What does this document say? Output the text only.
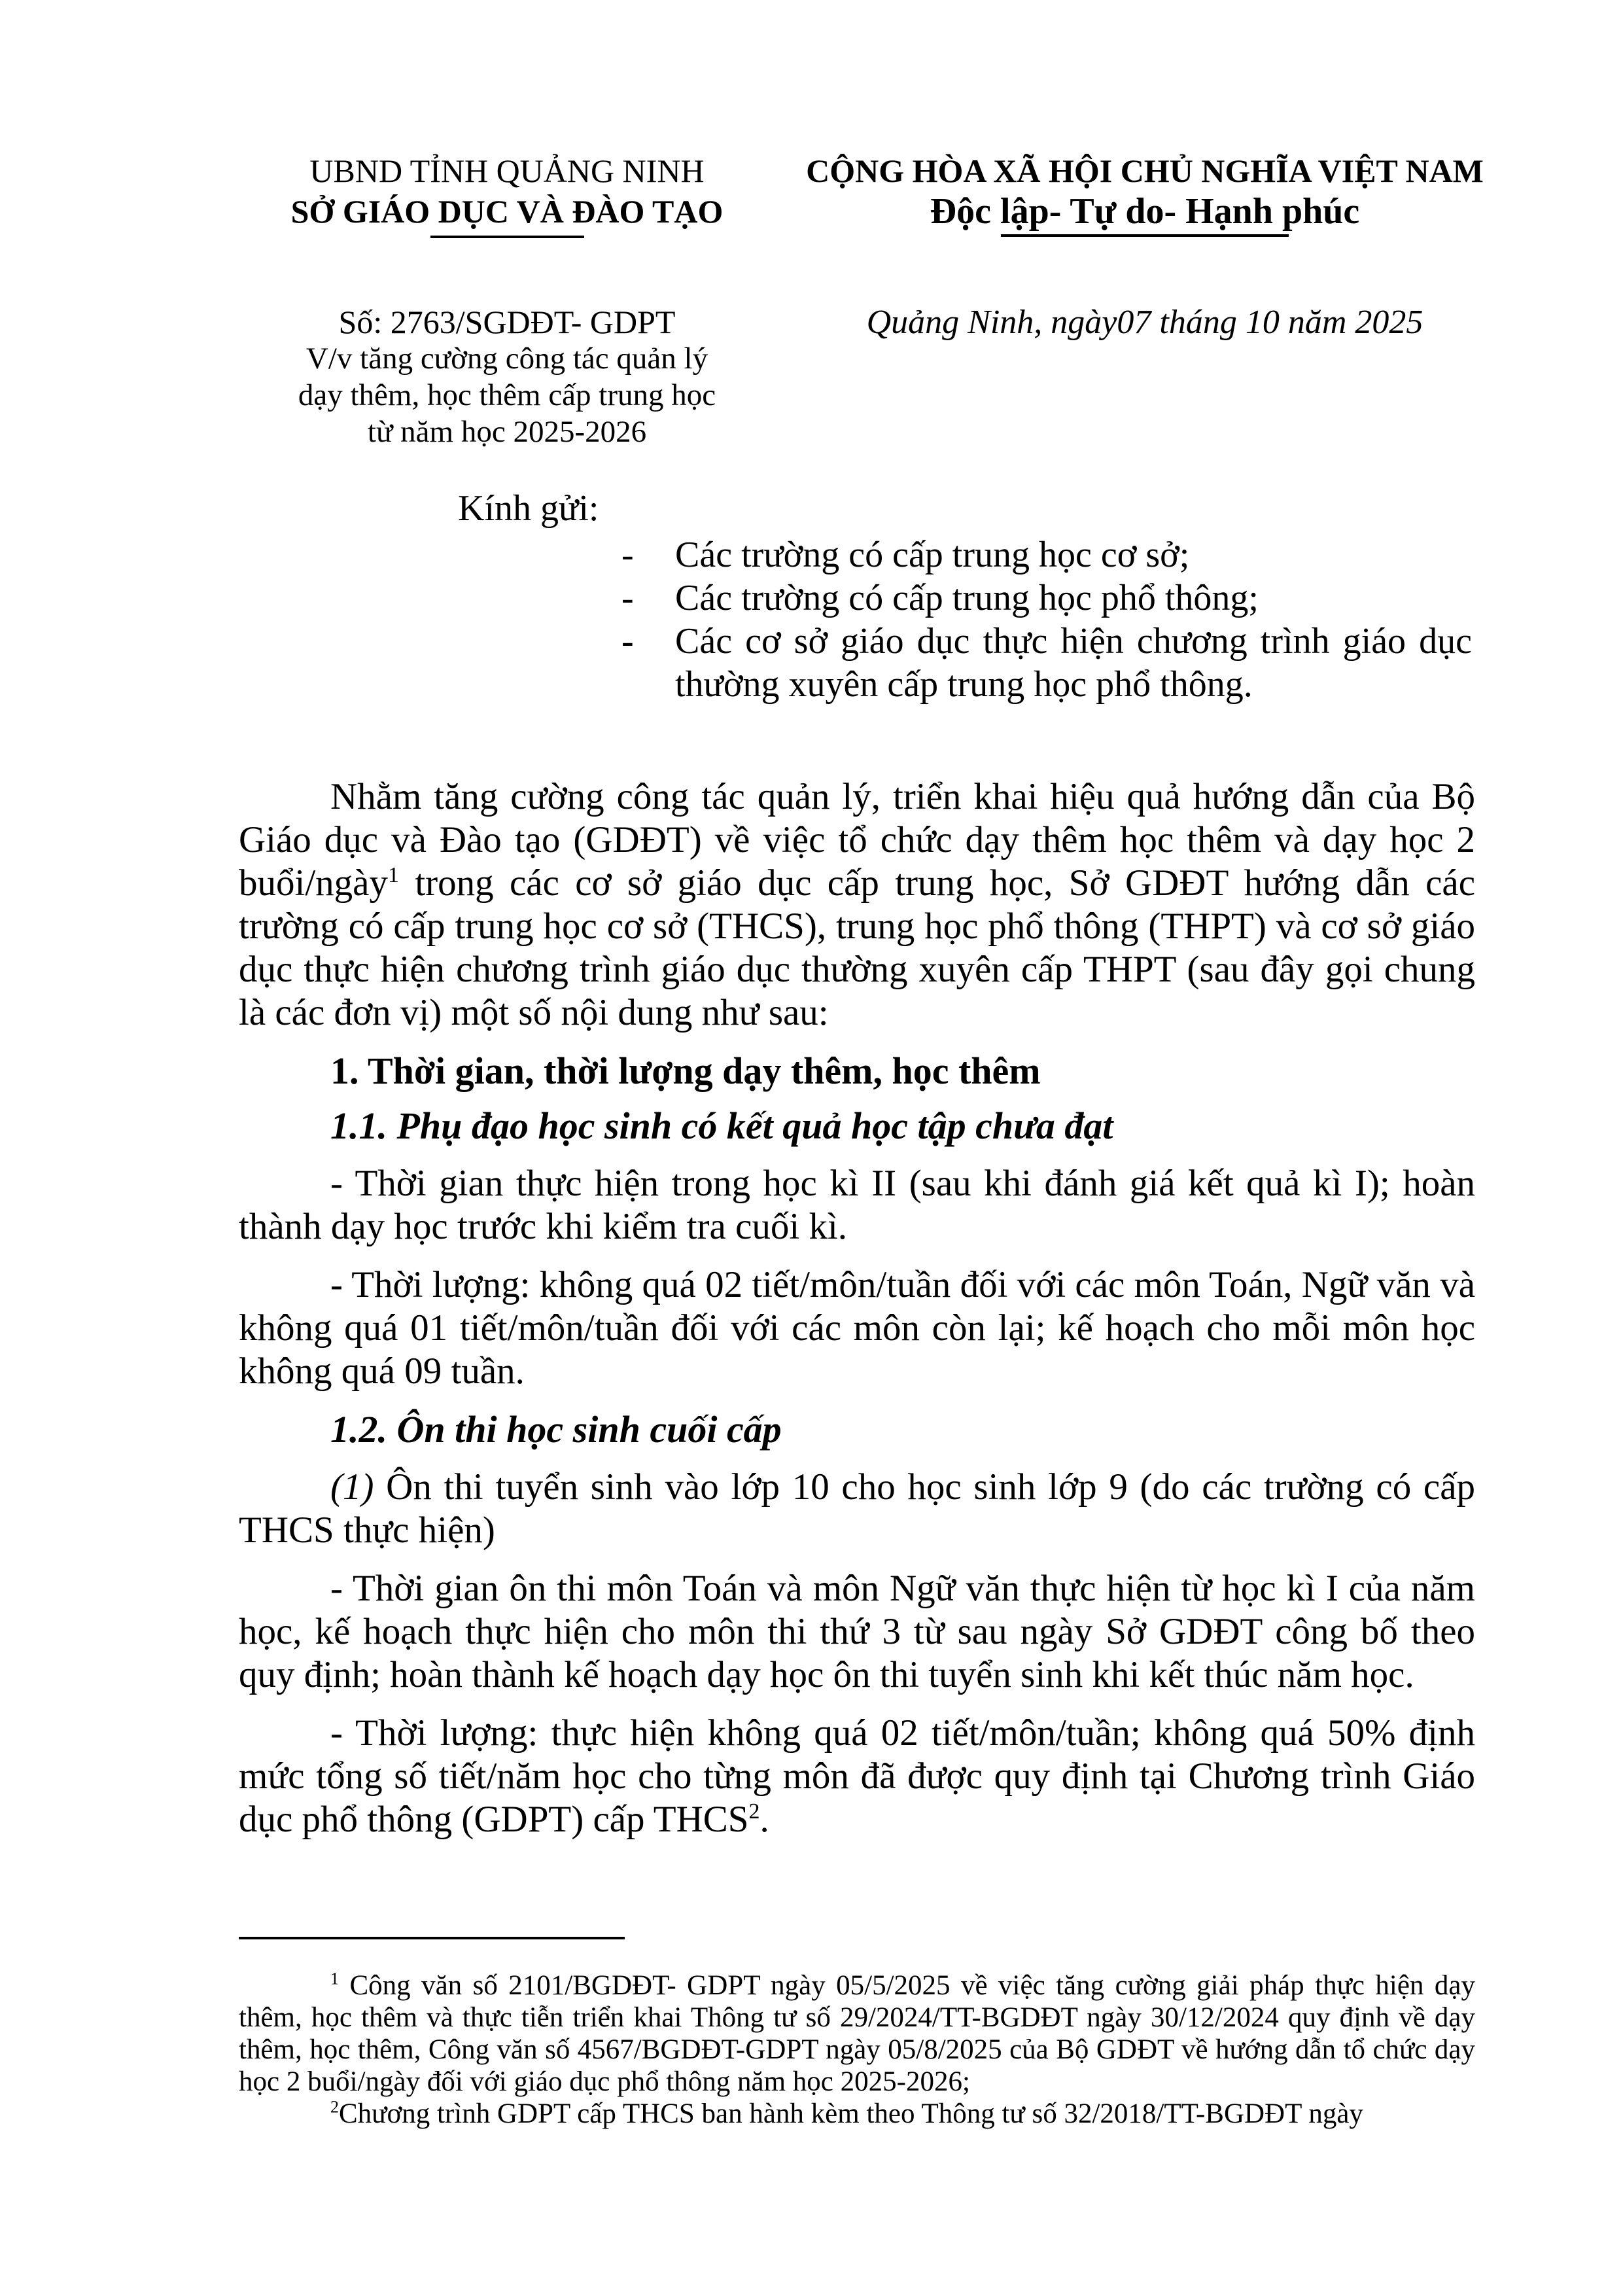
UBND TỈNH QUẢNG NINH
SỞ GIÁO DỤC VÀ ĐÀO TẠO
Số: 2763/SGDĐT- GDPT
V/v tăng cường công tác quản lý
dạy thêm, học thêm cấp trung học
từ năm học 2025-2026
CỘNG HÒA XÃ HỘI CHỦ NGHĨA VIỆT NAM
Độc lập- Tự do- Hạnh phúc
Quảng Ninh, ngày07 tháng 10 năm 2025
Kính gửi:
- Các trường có cấp trung học cơ sở;
- Các trường có cấp trung học phổ thông;
- Các cơ sở giáo dục thực hiện chương trình giáo dục thường xuyên cấp trung học phổ thông.

Nhằm tăng cường công tác quản lý, triển khai hiệu quả hướng dẫn của Bộ Giáo dục và Đào tạo (GDĐT) về việc tổ chức dạy thêm học thêm và dạy học 2 buổi/ngày$^1$ trong các cơ sở giáo dục cấp trung học, Sở GDĐT hướng dẫn các trường có cấp trung học cơ sở (THCS), trung học phổ thông (THPT) và cơ sở giáo dục thực hiện chương trình giáo dục thường xuyên cấp THPT (sau đây gọi chung là các đơn vị) một số nội dung như sau:

1. Thời gian, thời lượng dạy thêm, học thêm
1.1. Phụ đạo học sinh có kết quả học tập chưa đạt

- Thời gian thực hiện trong học kì II (sau khi đánh giá kết quả kì I); hoàn thành dạy học trước khi kiểm tra cuối kì.

- Thời lượng: không quá 02 tiết/môn/tuần đối với các môn Toán, Ngữ văn và không quá 01 tiết/môn/tuần đối với các môn còn lại; kế hoạch cho mỗi môn học không quá 09 tuần.

1.2. Ôn thi học sinh cuối cấp

(1) Ôn thi tuyển sinh vào lớp 10 cho học sinh lớp 9 (do các trường có cấp THCS thực hiện)

- Thời gian ôn thi môn Toán và môn Ngữ văn thực hiện từ học kì I của năm học, kế hoạch thực hiện cho môn thi thứ 3 từ sau ngày Sở GDĐT công bố theo quy định; hoàn thành kế hoạch dạy học ôn thi tuyển sinh khi kết thúc năm học.

- Thời lượng: thực hiện không quá 02 tiết/môn/tuần; không quá 50% định mức tổng số tiết/năm học cho từng môn đã được quy định tại Chương trình Giáo dục phổ thông (GDPT) cấp THCS$^2$.

$^1$ Công văn số 2101/BGDĐT- GDPT ngày 05/5/2025 về việc tăng cường giải pháp thực hiện dạy thêm, học thêm và thực tiễn triển khai Thông tư số 29/2024/TT-BGDĐT ngày 30/12/2024 quy định về dạy thêm, học thêm, Công văn số 4567/BGDĐT-GDPT ngày 05/8/2025 của Bộ GDĐT về hướng dẫn tổ chức dạy học 2 buổi/ngày đối với giáo dục phổ thông năm học 2025-2026;

$^2$Chương trình GDPT cấp THCS ban hành kèm theo Thông tư số 32/2018/TT-BGDĐT ngày
